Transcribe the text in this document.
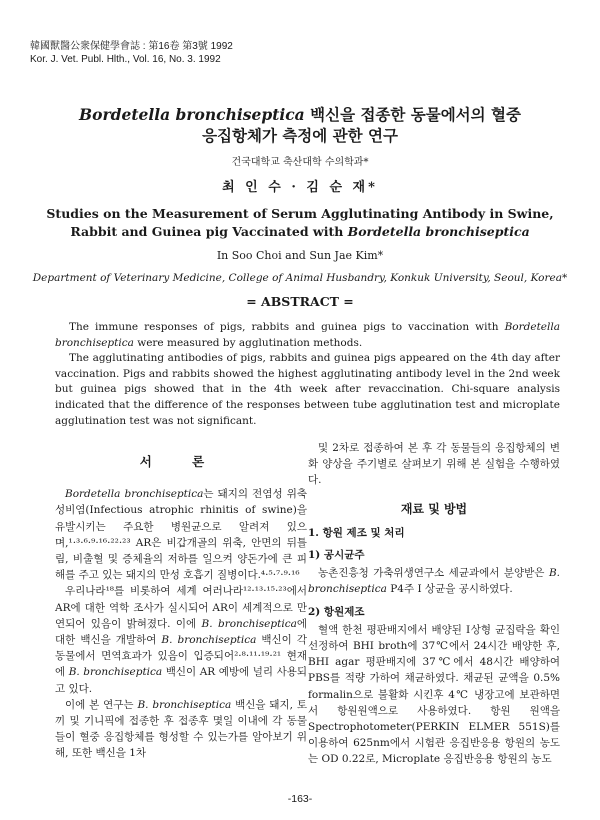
韓國獸醫公衆保健學會誌 : 第16卷 第3號 1992
Kor. J. Vet. Publ. Hlth., Vol. 16, No. 3. 1992
Bordetella bronchiseptica 백신을 접종한 동물에서의 혈중
응집항체가 측정에 관한 연구
건국대학교 축산대학 수의학과*
최 인 수 · 김 순 재*
Studies on the Measurement of Serum Agglutinating Antibody in Swine,
Rabbit and Guinea pig Vaccinated with Bordetella bronchiseptica
In Soo Choi and Sun Jae Kim*
Department of Veterinary Medicine, College of Animal Husbandry, Konkuk University, Seoul, Korea*
= ABSTRACT =

The immune responses of pigs, rabbits and guinea pigs to vaccination with Bordetella bronchiseptica were measured by agglutination methods.

The agglutinating antibodies of pigs, rabbits and guinea pigs appeared on the 4th day after vaccination. Pigs and rabbits showed the highest agglutinating antibody level in the 2nd week but guinea pigs showed that in the 4th week after revaccination. Chi-square analysis indicated that the difference of the responses between tube agglutination test and microplate agglutination test was not significant.

서 론

Bordetella bronchiseptica는 돼지의 전염성 위축성비염(Infectious atrophic rhinitis of swine)을 유발시키는 주요한 병원균으로 알려져 있으며,¹·³·⁶·⁹·¹⁶·²²·²³ AR은 비갑개골의 위축, 안면의 뒤틀림, 비출혈 및 증체율의 저하를 일으켜 양돈가에 큰 피해를 주고 있는 돼지의 만성 호흡기 질병이다.⁴·⁵·⁷·⁹·¹⁶

우리나라¹⁸를 비롯하여 세계 여러나라¹²·¹³·¹⁵·²³에서 AR에 대한 역학 조사가 실시되어 AR이 세계적으로 만연되어 있음이 밝혀졌다. 이에 B. bronchiseptica에 대한 백신을 개발하여 B. bronchiseptica 백신이 각 동물에서 면역효과가 있음이 입증되어²·⁸·¹¹·¹⁹·²¹ 현재에 B. bronchiseptica 백신이 AR 예방에 널리 사용되고 있다.

이에 본 연구는 B. bronchiseptica 백신을 돼지, 토끼 및 기니픽에 접종한 후 접종후 몇일 이내에 각 동물들이 혈중 응집항체를 형성할 수 있는가를 알아보기 위해, 또한 백신을 1차

및 2차로 접종하여 본 후 각 동물들의 응집항체의 변화 양상을 주기별로 살펴보기 위해 본 실험을 수행하였다.

재료 및 방법
1. 항원 제조 및 처리
1) 공시균주

농촌진흥청 가축위생연구소 세균과에서 분양받은 B. bronchiseptica P4주 Ⅰ 상균을 공시하였다.

2) 항원제조

혈액 한천 평판배지에서 배양된 Ⅰ상형 균집락을 확인 선정하여 BHI broth에 37℃에서 24시간 배양한 후, BHI agar 평판배지에 37℃에서 48시간 배양하여 PBS를 적량 가하여 채균하였다. 채균된 균액을 0.5% formalin으로 불활화 시킨후 4℃ 냉장고에 보관하면서 항원원액으로 사용하였다. 항원 원액을 Spectrophotometer(PERKIN ELMER 551S)를 이용하여 625nm에서 시험관 응집반응용 항원의 농도는 OD 0.22로, Microplate 응집반응용 항원의 농도

-163-
